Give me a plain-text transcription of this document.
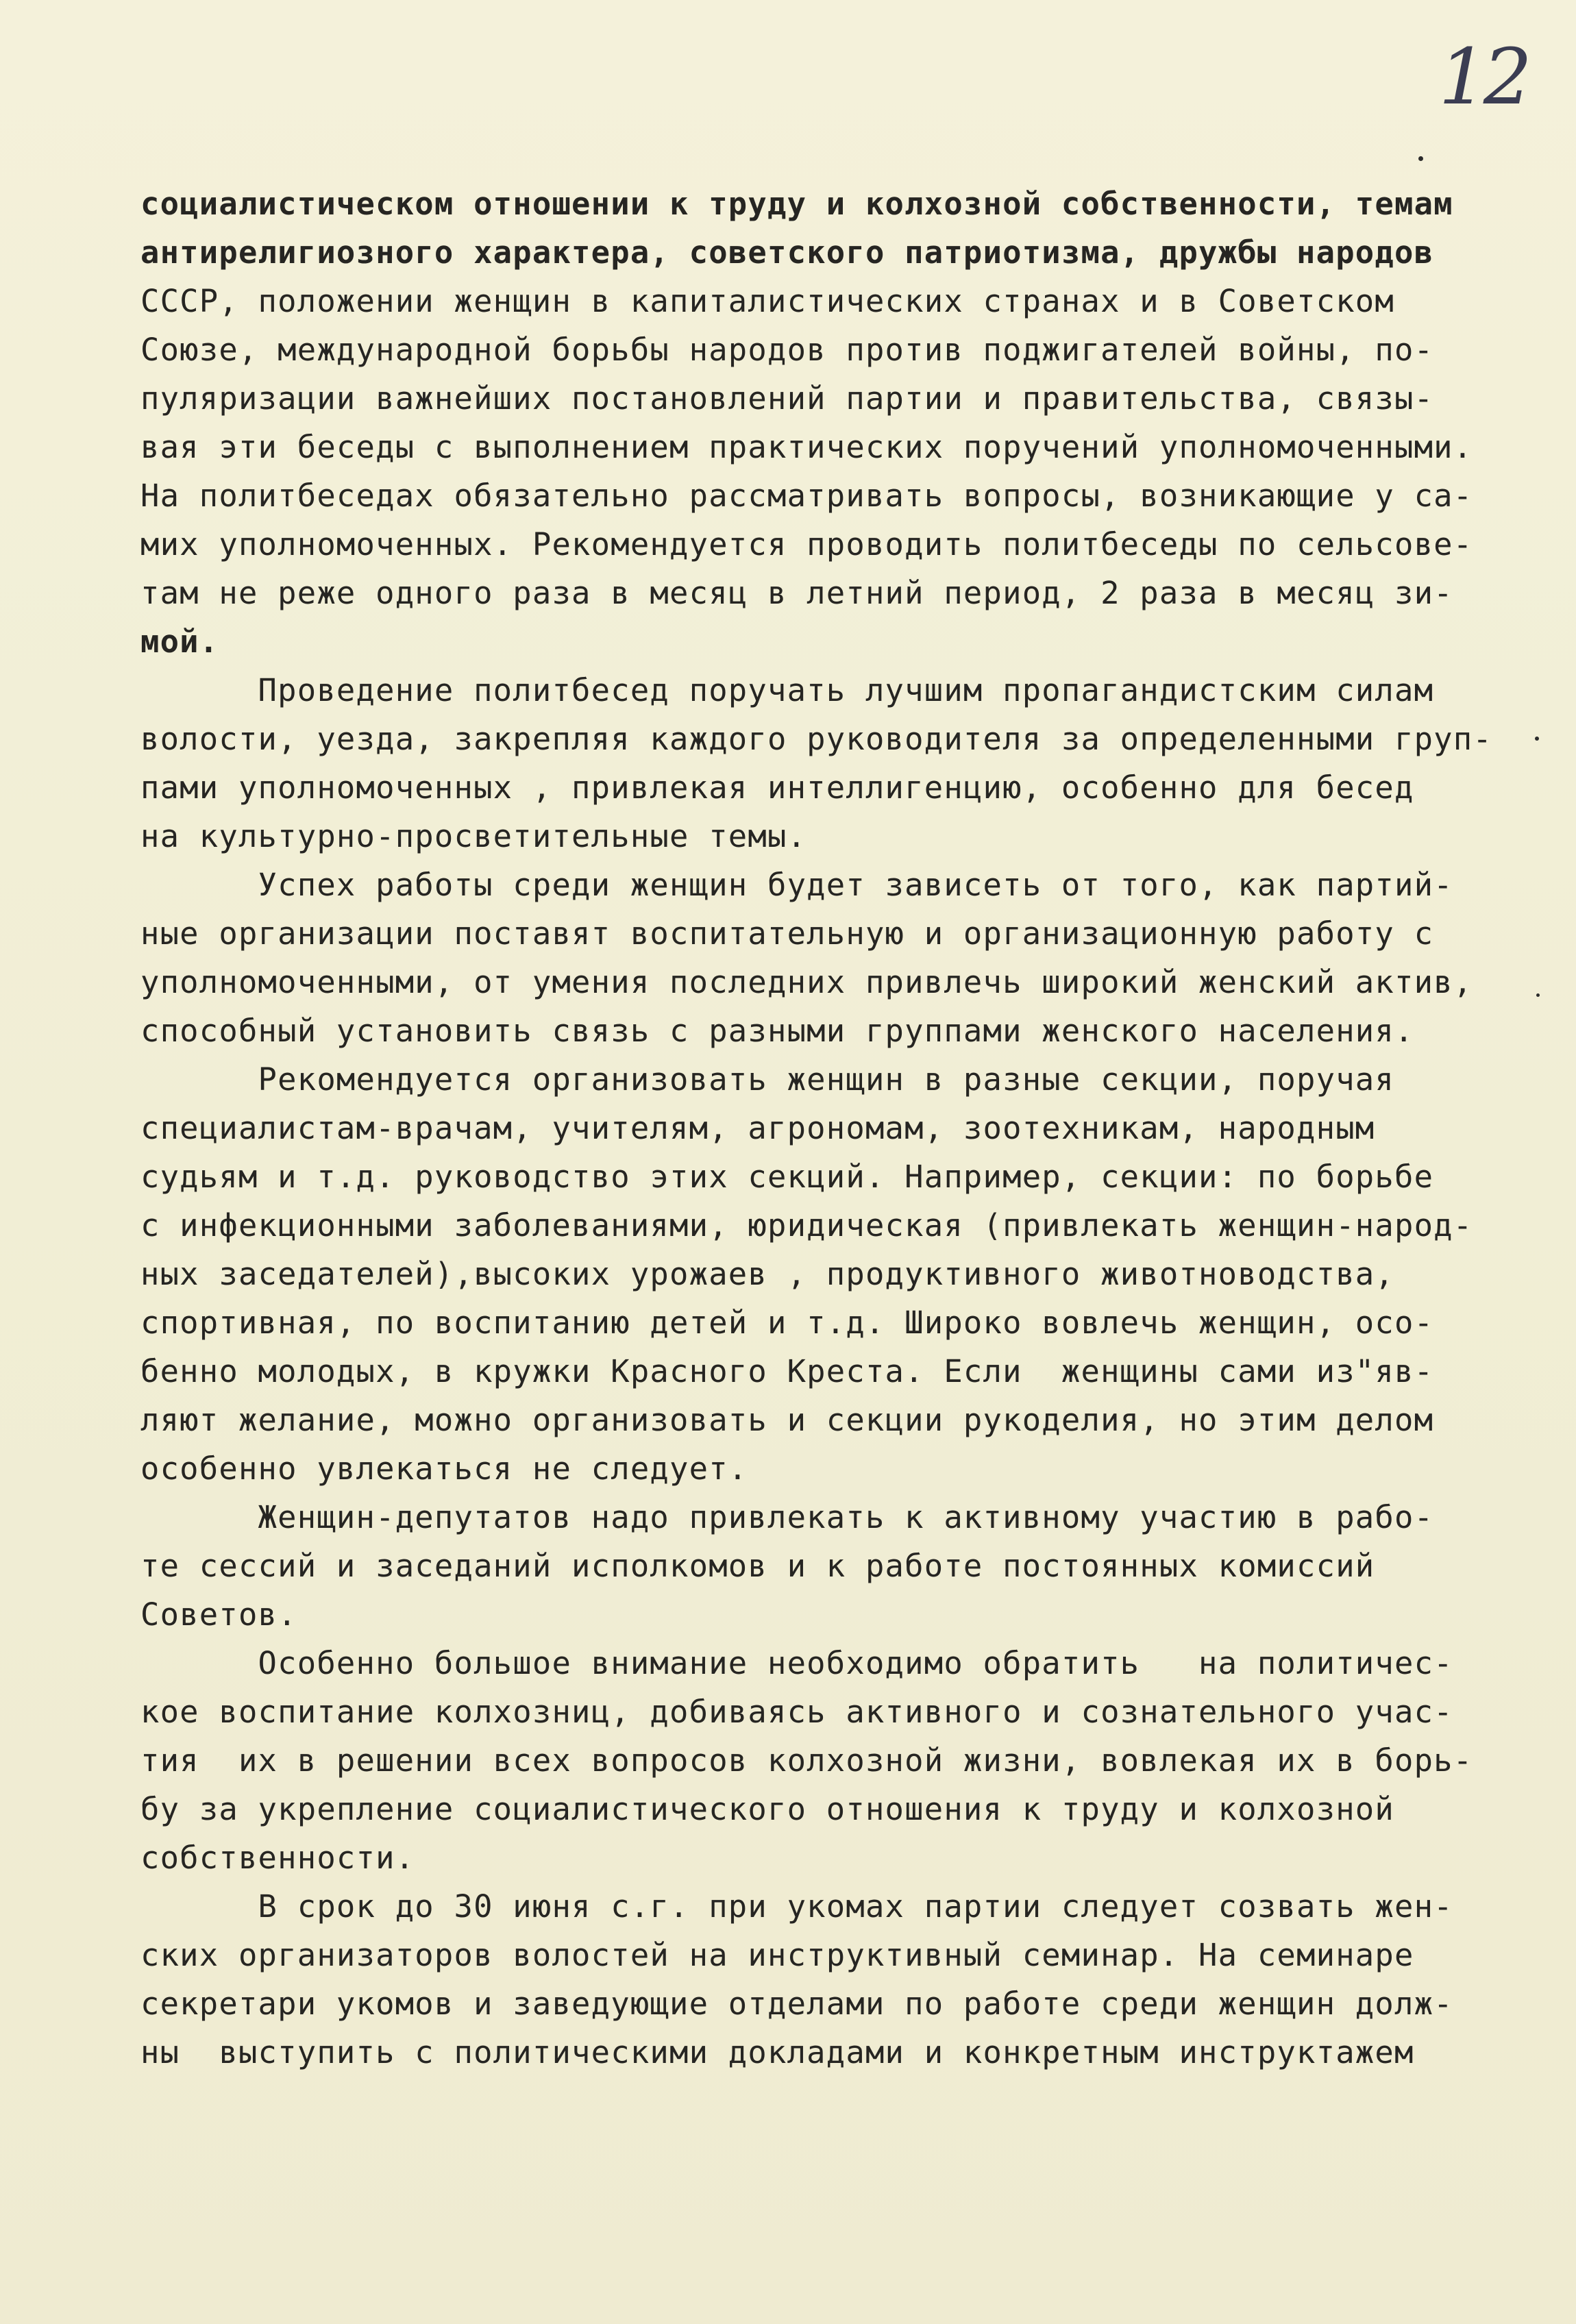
12
социалистическом отношении к труду и колхозной собственности, темам
антирелигиозного характера, советского патриотизма, дружбы народов
СССР, положении женщин в капиталистических странах и в Советском
Союзе, международной борьбы народов против поджигателей войны, по-
пуляризации важнейших постановлений партии и правительства, связы-
вая эти беседы с выполнением практических поручений уполномоченными.
На политбеседах обязательно рассматривать вопросы, возникающие у са-
мих уполномоченных. Рекомендуется проводить политбеседы по сельсове-
там не реже одного раза в месяц в летний период, 2 раза в месяц зи-
мой.
Проведение политбесед поручать лучшим пропагандистским силам
волости, уезда, закрепляя каждого руководителя за определенными груп-
пами уполномоченных , привлекая интеллигенцию, особенно для бесед
на культурно-просветительные темы.
Успех работы среди женщин будет зависеть от того, как партий-
ные организации поставят воспитательную и организационную работу с
уполномоченными, от умения последних привлечь широкий женский актив,
способный установить связь с разными группами женского населения.
Рекомендуется организовать женщин в разные секции, поручая
специалистам-врачам, учителям, агрономам, зоотехникам, народным
судьям и т.д. руководство этих секций. Например, секции: по борьбе
с инфекционными заболеваниями, юридическая (привлекать женщин-народ-
ных заседателей),высоких урожаев , продуктивного животноводства,
спортивная, по воспитанию детей и т.д. Широко вовлечь женщин, осо-
бенно молодых, в кружки Красного Креста. Если  женщины сами из"яв-
ляют желание, можно организовать и секции рукоделия, но этим делом
особенно увлекаться не следует.
Женщин-депутатов надо привлекать к активному участию в рабо-
те сессий и заседаний исполкомов и к работе постоянных комиссий
Советов.
Особенно большое внимание необходимо обратить   на политичес-
кое воспитание колхозниц, добиваясь активного и сознательного учас-
тия  их в решении всех вопросов колхозной жизни, вовлекая их в борь-
бу за укрепление социалистического отношения к труду и колхозной
собственности.
В срок до 30 июня с.г. при укомах партии следует созвать жен-
ских организаторов волостей на инструктивный семинар. На семинаре
секретари укомов и заведующие отделами по работе среди женщин долж-
ны  выступить с политическими докладами и конкретным инструктажем
